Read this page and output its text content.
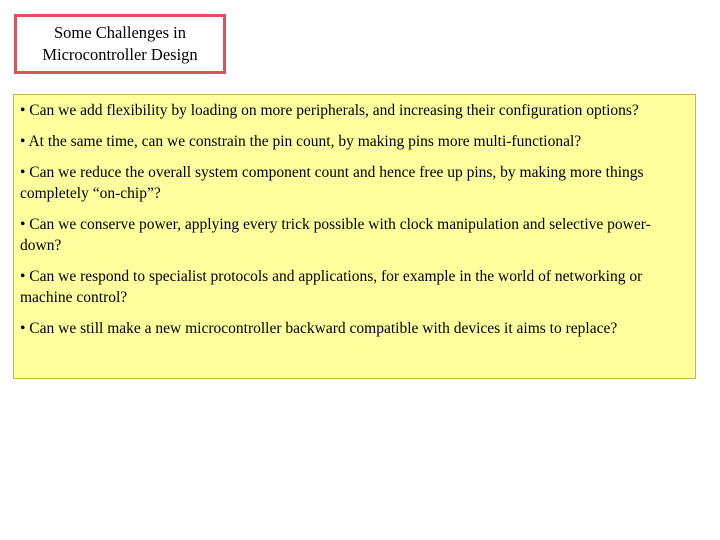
Some Challenges in
Microcontroller Design
• Can we add flexibility by loading on more peripherals, and increasing their configuration options?
• At the same time, can we constrain the pin count, by making pins more multi-functional?
• Can we reduce the overall system component count and hence free up pins, by making more things completely “on-chip”?
• Can we conserve power, applying every trick possible with clock manipulation and selective power-down?
• Can we respond to specialist protocols and applications, for example in the world of networking or machine control?
• Can we still make a new microcontroller backward compatible with devices it aims to replace?
